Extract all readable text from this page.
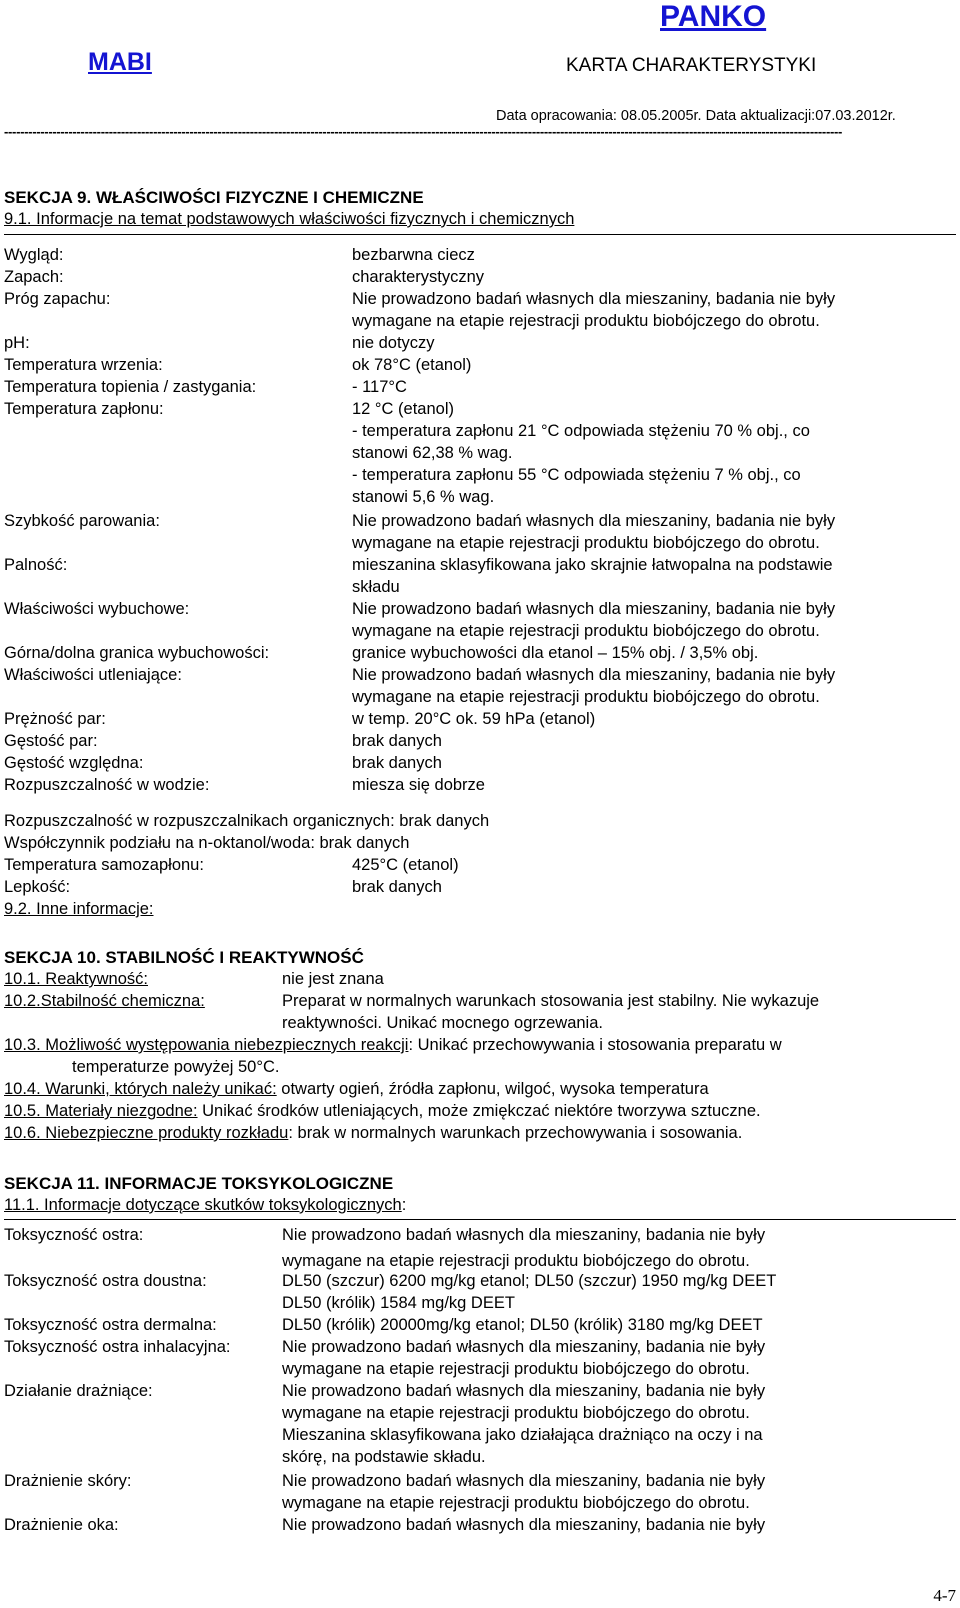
PANKO
MABI	KARTA CHARAKTERYSTYKI
Data opracowania: 08.05.2005r. Data aktualizacji:07.03.2012r.
----------------------------------------------------------------------------------------------------------------------------------------------------------------------------------------------------------------
SEKCJA 9. WŁAŚCIWOŚCI FIZYCZNE I CHEMICZNE
9.1. Informacje na temat podstawowych właściwości fizycznych i chemicznych
Wygląd:	bezbarwna ciecz
Zapach:	charakterystyczny
Próg zapachu:	Nie prowadzono badań własnych dla mieszaniny, badania nie były
wymagane na etapie rejestracji produktu biobójczego do obrotu.
pH:	nie dotyczy
Temperatura wrzenia:	ok 78°C (etanol)
Temperatura topienia / zastygania:	- 117°C
Temperatura zapłonu:	12 °C (etanol)
- temperatura zapłonu 21 °C odpowiada stężeniu 70 % obj., co
stanowi 62,38 % wag.
- temperatura zapłonu 55 °C odpowiada stężeniu 7 % obj., co
stanowi 5,6 % wag.
Szybkość parowania:	Nie prowadzono badań własnych dla mieszaniny, badania nie były
wymagane na etapie rejestracji produktu biobójczego do obrotu.
Palność:	mieszanina sklasyfikowana jako skrajnie łatwopalna na podstawie
składu
Właściwości wybuchowe:	Nie prowadzono badań własnych dla mieszaniny, badania nie były
wymagane na etapie rejestracji produktu biobójczego do obrotu.
Górna/dolna granica wybuchowości:	granice wybuchowości dla etanol – 15% obj. / 3,5% obj.
Właściwości utleniające:	Nie prowadzono badań własnych dla mieszaniny, badania nie były
wymagane na etapie rejestracji produktu biobójczego do obrotu.
Prężność par:	w temp. 20°C ok. 59 hPa (etanol)
Gęstość par:	brak danych
Gęstość względna:	brak danych
Rozpuszczalność w wodzie:	miesza się dobrze
Rozpuszczalność w rozpuszczalnikach organicznych: brak danych
Współczynnik podziału na n-oktanol/woda: brak danych
Temperatura samozapłonu:	425°C (etanol)
Lepkość:	brak danych
9.2. Inne informacje:
SEKCJA 10. STABILNOŚĆ I REAKTYWNOŚĆ
10.1. Reaktywność:	nie jest znana
10.2.Stabilność chemiczna:	Preparat w normalnych warunkach stosowania jest stabilny. Nie wykazuje
reaktywności. Unikać mocnego ogrzewania.
10.3. Możliwość występowania niebezpiecznych reakcji: Unikać przechowywania i stosowania preparatu w
temperaturze powyżej 50°C.
10.4. Warunki, których należy unikać: otwarty ogień, źródła zapłonu, wilgoć, wysoka temperatura
10.5. Materiały niezgodne: Unikać środków utleniających, może zmiękczać niektóre tworzywa sztuczne.
10.6. Niebezpieczne produkty rozkładu: brak w normalnych warunkach przechowywania i sosowania.
SEKCJA 11. INFORMACJE TOKSYKOLOGICZNE
11.1. Informacje dotyczące skutków toksykologicznych:
Toksyczność ostra:	Nie prowadzono badań własnych dla mieszaniny, badania nie były
wymagane na etapie rejestracji produktu biobójczego do obrotu.
Toksyczność ostra doustna:	DL50 (szczur) 6200 mg/kg etanol; DL50 (szczur) 1950 mg/kg DEET
DL50 (królik) 1584 mg/kg DEET
Toksyczność ostra dermalna:	DL50 (królik) 20000mg/kg etanol; DL50 (królik) 3180 mg/kg DEET
Toksyczność ostra inhalacyjna:	Nie prowadzono badań własnych dla mieszaniny, badania nie były
wymagane na etapie rejestracji produktu biobójczego do obrotu.
Działanie drażniące:	Nie prowadzono badań własnych dla mieszaniny, badania nie były
wymagane na etapie rejestracji produktu biobójczego do obrotu.
Mieszanina sklasyfikowana jako działająca drażniąco na oczy i na
skórę, na podstawie składu.
Drażnienie skóry:	Nie prowadzono badań własnych dla mieszaniny, badania nie były
wymagane na etapie rejestracji produktu biobójczego do obrotu.
Drażnienie oka:	Nie prowadzono badań własnych dla mieszaniny, badania nie były
4-7
